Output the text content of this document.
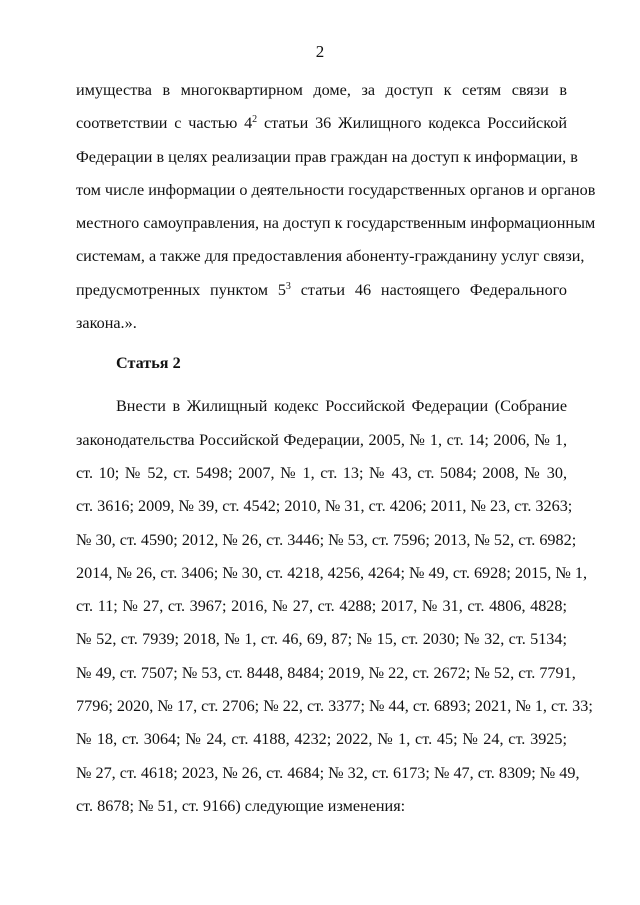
2
имущества в многоквартирном доме, за доступ к сетям связи в
соответствии с частью $4^2$ статьи 36 Жилищного кодекса Российской
Федерации в целях реализации прав граждан на доступ к информации, в
том числе информации о деятельности государственных органов и органов
местного самоуправления, на доступ к государственным информационным
системам, а также для предоставления абоненту-гражданину услуг связи,
предусмотренных пунктом $5^3$ статьи 46 настоящего Федерального
закона.».
Статья 2
Внести в Жилищный кодекс Российской Федерации (Собрание
законодательства Российской Федерации, 2005, № 1, ст. 14; 2006, № 1,
ст. 10; № 52, ст. 5498; 2007, № 1, ст. 13; № 43, ст. 5084; 2008, № 30,
ст. 3616; 2009, № 39, ст. 4542; 2010, № 31, ст. 4206; 2011, № 23, ст. 3263;
№ 30, ст. 4590; 2012, № 26, ст. 3446; № 53, ст. 7596; 2013, № 52, ст. 6982;
2014, № 26, ст. 3406; № 30, ст. 4218, 4256, 4264; № 49, ст. 6928; 2015, № 1,
ст. 11; № 27, ст. 3967; 2016, № 27, ст. 4288; 2017, № 31, ст. 4806, 4828;
№ 52, ст. 7939; 2018, № 1, ст. 46, 69, 87; № 15, ст. 2030; № 32, ст. 5134;
№ 49, ст. 7507; № 53, ст. 8448, 8484; 2019, № 22, ст. 2672; № 52, ст. 7791,
7796; 2020, № 17, ст. 2706; № 22, ст. 3377; № 44, ст. 6893; 2021, № 1, ст. 33;
№ 18, ст. 3064; № 24, ст. 4188, 4232; 2022, № 1, ст. 45; № 24, ст. 3925;
№ 27, ст. 4618; 2023, № 26, ст. 4684; № 32, ст. 6173; № 47, ст. 8309; № 49,
ст. 8678; № 51, ст. 9166) следующие изменения:
